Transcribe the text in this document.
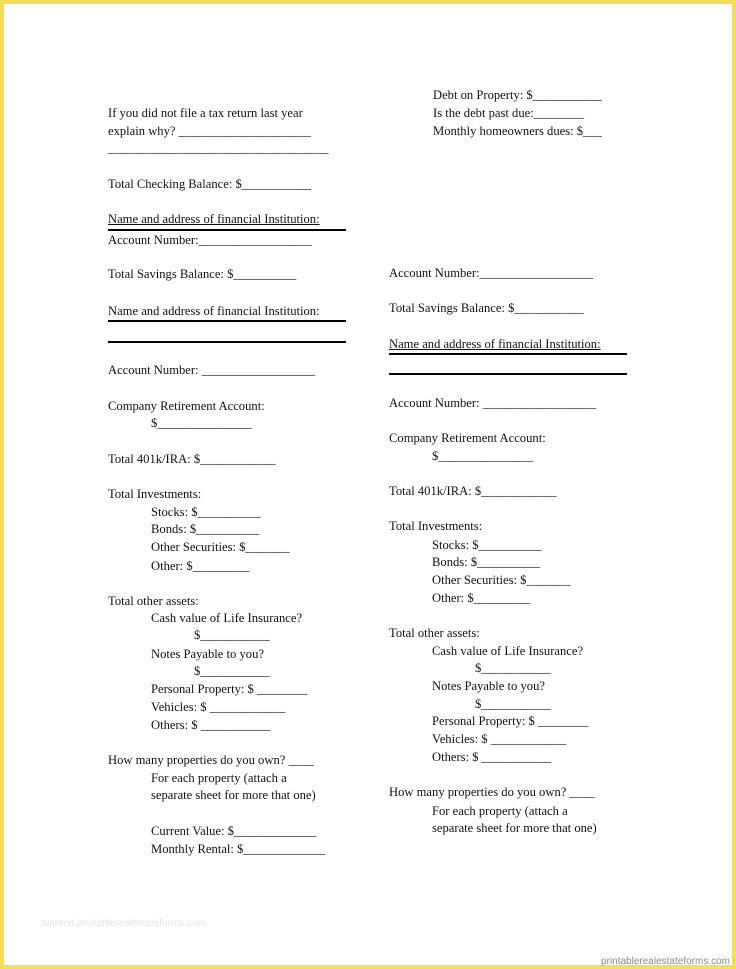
Debt on Property: $___________
Is the debt past due:________
Monthly homeowners dues: $___
If you did not file a tax return last year
explain why? _____________________
___________________________________
Total Checking Balance: $___________
Name and address of financial Institution:
Account Number:__________________
Total Savings Balance: $__________
Name and address of financial Institution:
Account Number: __________________
Company Retirement Account:
$_______________
Total 401k/IRA: $____________
Total Investments:
Stocks: $__________
Bonds: $__________
Other Securities: $_______
Other: $_________
Total other assets:
Cash value of Life Insurance?
$___________
Notes Payable to you?
$___________
Personal Property: $ ________
Vehicles: $ ____________
Others: $ ___________
How many properties do you own? ____
For each property (attach a
separate sheet for more that one)
Current Value: $_____________
Monthly Rental: $_____________
Account Number:__________________
Total Savings Balance: $___________
Name and address of financial Institution:
Account Number: __________________
Company Retirement Account:
$_______________
Total 401k/IRA: $____________
Total Investments:
Stocks: $__________
Bonds: $__________
Other Securities: $_______
Other: $_________
Total other assets:
Cash value of Life Insurance?
$___________
Notes Payable to you?
$___________
Personal Property: $ ________
Vehicles: $ ____________
Others: $ ___________
How many properties do you own? ____
For each property (attach a
separate sheet for more that one)
wanted.printablerealestateforms.com
printablerealestateforms.com
